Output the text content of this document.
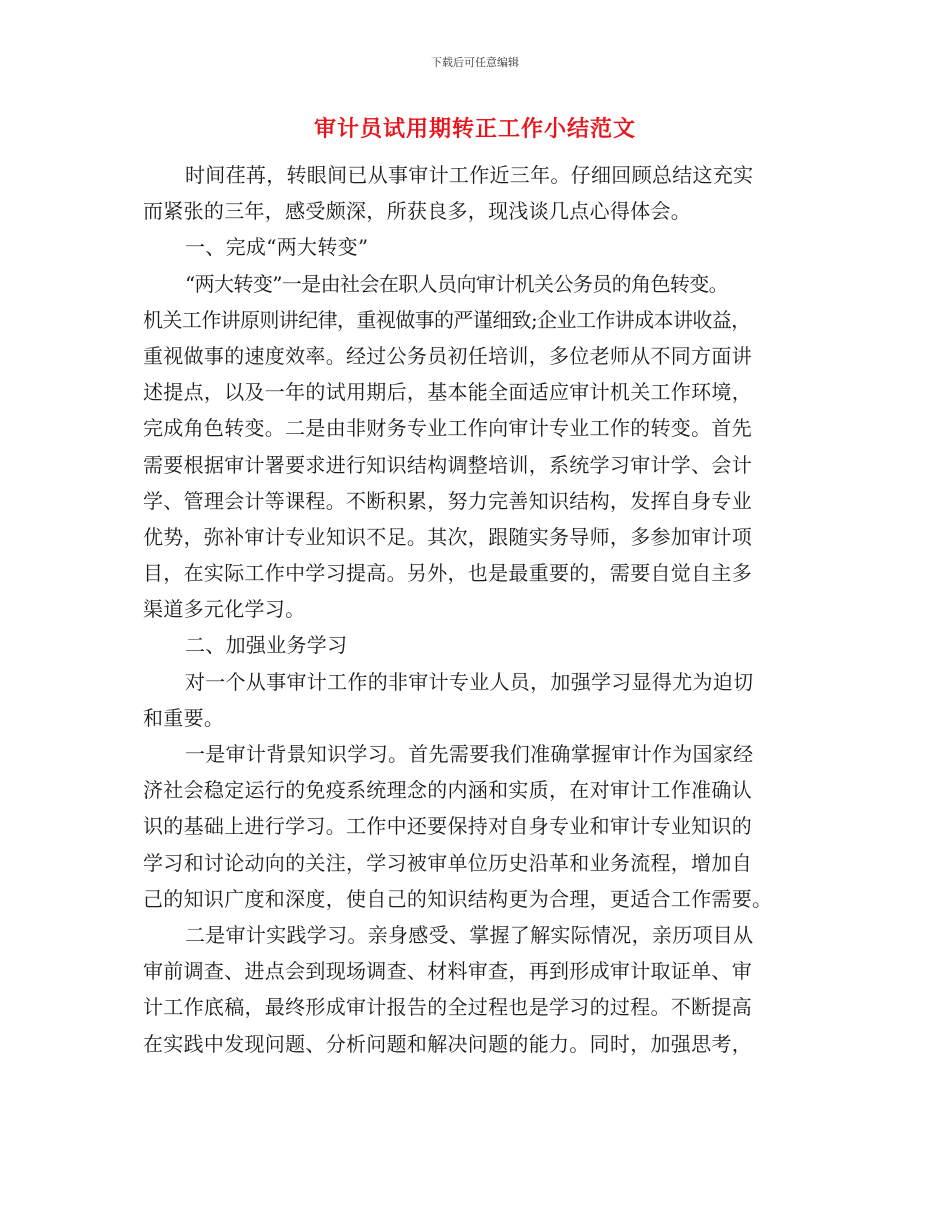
下载后可任意编辑
审计员试用期转正工作小结范文
时间荏苒，转眼间已从事审计工作近三年。仔细回顾总结这充实
而紧张的三年，感受颇深，所获良多，现浅谈几点心得体会。
一、完成“两大转变”
“两大转变”一是由社会在职人员向审计机关公务员的角色转变。
机关工作讲原则讲纪律，重视做事的严谨细致;企业工作讲成本讲收益，
重视做事的速度效率。经过公务员初任培训，多位老师从不同方面讲
述提点，以及一年的试用期后，基本能全面适应审计机关工作环境，
完成角色转变。二是由非财务专业工作向审计专业工作的转变。首先
需要根据审计署要求进行知识结构调整培训，系统学习审计学、会计
学、管理会计等课程。不断积累，努力完善知识结构，发挥自身专业
优势，弥补审计专业知识不足。其次，跟随实务导师，多参加审计项
目，在实际工作中学习提高。另外，也是最重要的，需要自觉自主多
渠道多元化学习。
二、加强业务学习
对一个从事审计工作的非审计专业人员，加强学习显得尤为迫切
和重要。
一是审计背景知识学习。首先需要我们准确掌握审计作为国家经
济社会稳定运行的免疫系统理念的内涵和实质，在对审计工作准确认
识的基础上进行学习。工作中还要保持对自身专业和审计专业知识的
学习和讨论动向的关注，学习被审单位历史沿革和业务流程，增加自
己的知识广度和深度，使自己的知识结构更为合理，更适合工作需要。
二是审计实践学习。亲身感受、掌握了解实际情况，亲历项目从
审前调查、进点会到现场调查、材料审查，再到形成审计取证单、审
计工作底稿，最终形成审计报告的全过程也是学习的过程。不断提高
在实践中发现问题、分析问题和解决问题的能力。同时，加强思考，
